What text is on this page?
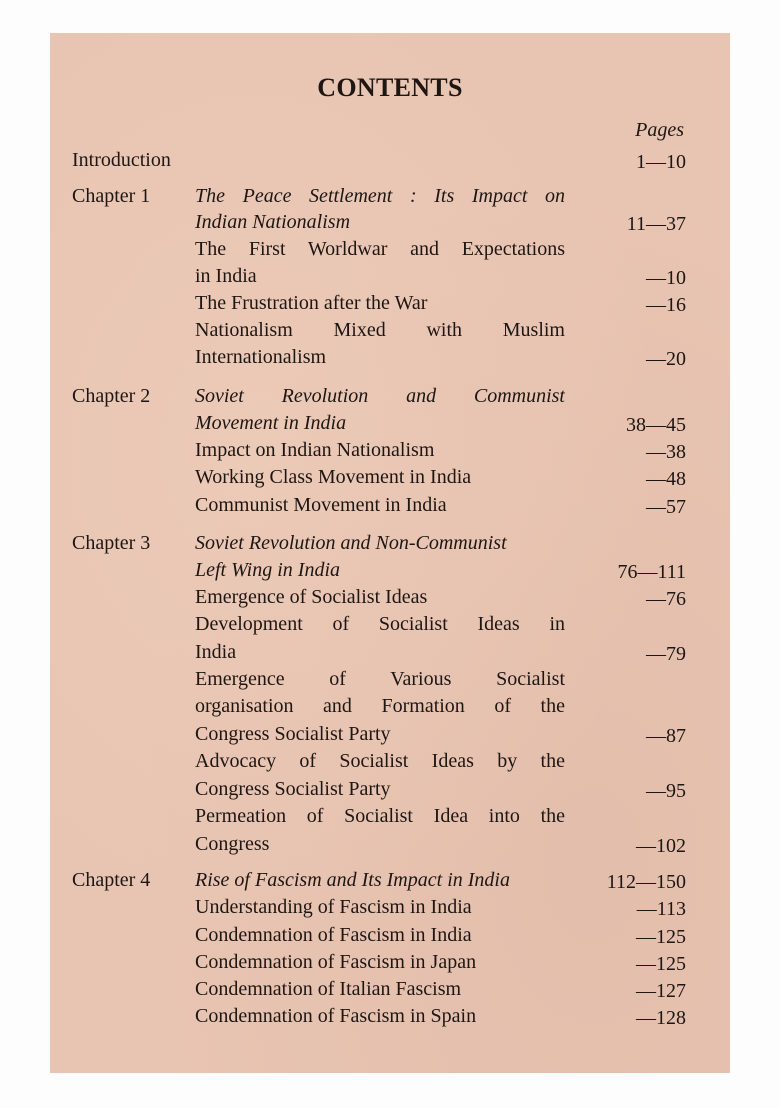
CONTENTS
Pages
Introduction	1—10
Chapter 1 The Peace Settlement : Its Impact on
Indian Nationalism	11—37
The First Worldwar and Expectations
in India	—10
The Frustration after the War	—16
Nationalism Mixed with Muslim
Internationalism	—20
Chapter 2 Soviet Revolution and Communist
Movement in India	38—45
Impact on Indian Nationalism	—38
Working Class Movement in India	—48
Communist Movement in India	—57
Chapter 3 Soviet Revolution and Non-Communist
Left Wing in India	76—111
Emergence of Socialist Ideas	—76
Development of Socialist Ideas in
India	—79
Emergence of Various Socialist
organisation and Formation of the
Congress Socialist Party	—87
Advocacy of Socialist Ideas by the
Congress Socialist Party	—95
Permeation of Socialist Idea into the
Congress	—102
Chapter 4 Rise of Fascism and Its Impact in India	112—150
Understanding of Fascism in India	—113
Condemnation of Fascism in India	—125
Condemnation of Fascism in Japan	—125
Condemnation of Italian Fascism	—127
Condemnation of Fascism in Spain	—128
